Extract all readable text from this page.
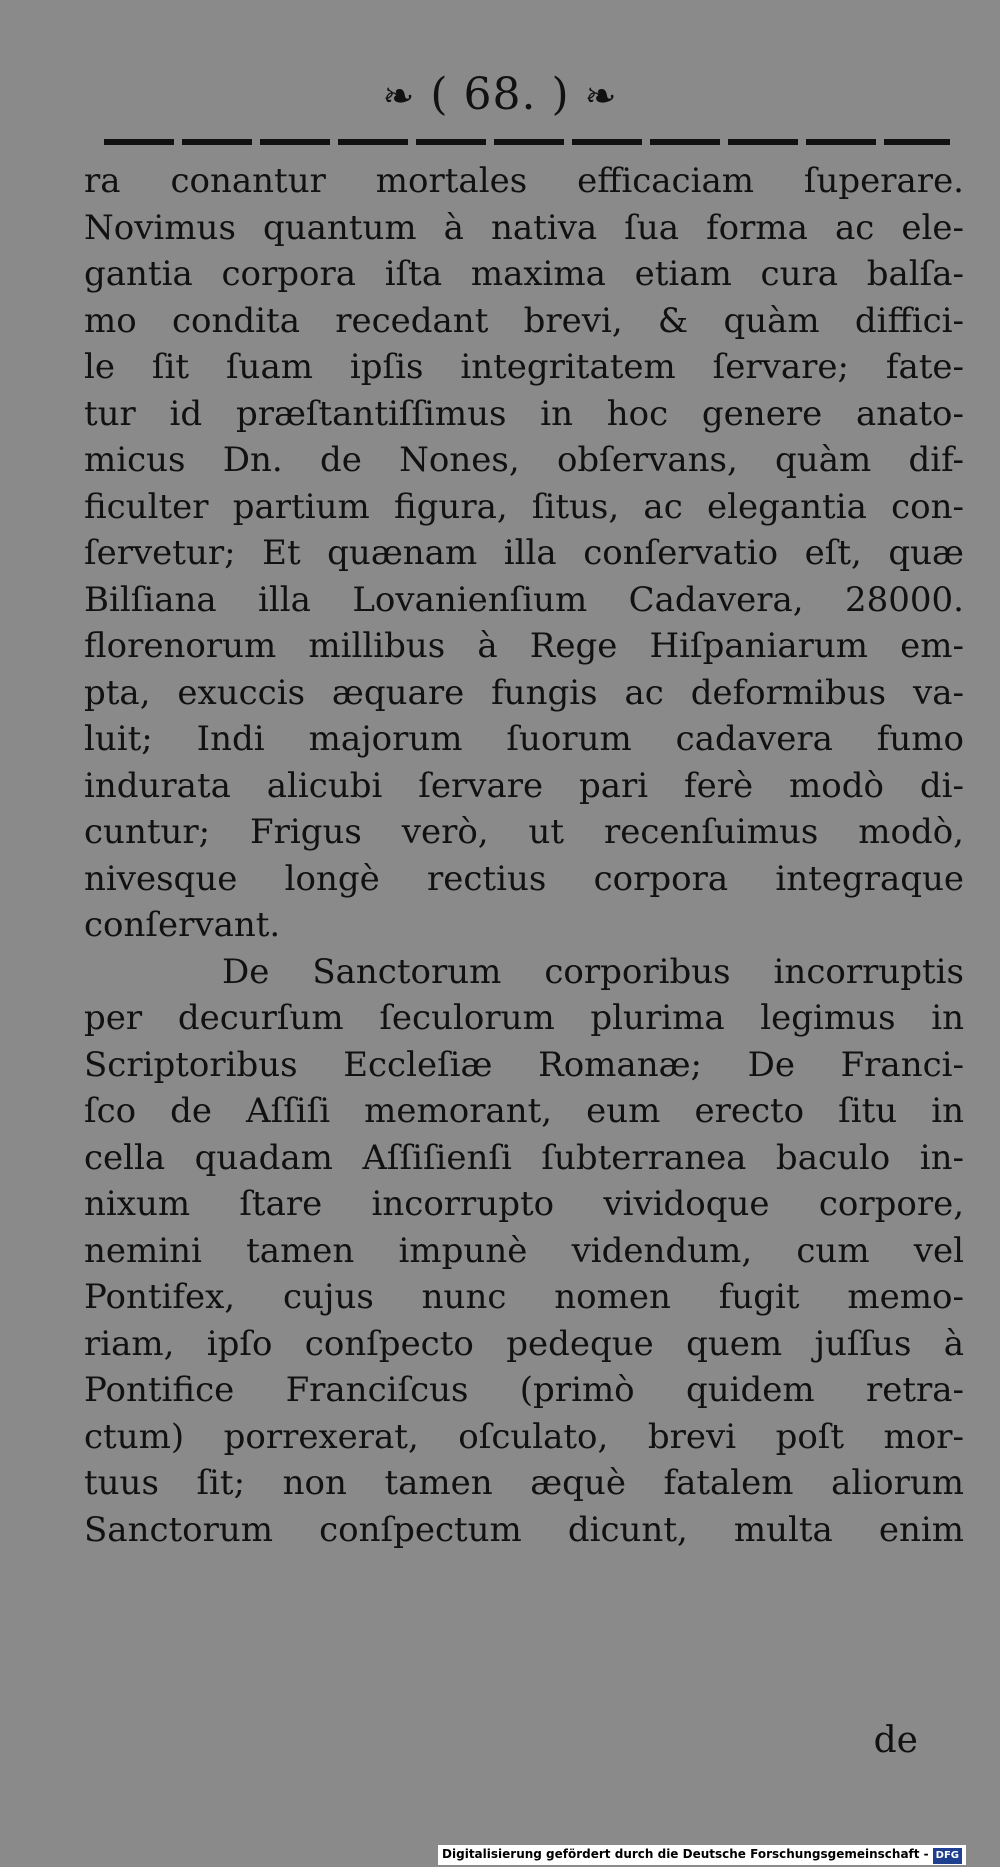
❧ ( 68. ) ❧
ra conantur mortales efficaciam ſuperare.
Novimus quantum à nativa ſua forma ac ele-
gantia corpora iſta maxima etiam cura balſa-
mo condita recedant brevi, & quàm diffici-
le ſit ſuam ipſis integritatem ſervare; fate-
tur id præſtantiſſimus in hoc genere anato-
micus Dn. de Nones, obſervans, quàm dif-
ficulter partium figura, ſitus, ac elegantia con-
ſervetur; Et quænam illa conſervatio eſt, quæ
Bilſiana illa Lovanienſium Cadavera, 28000.
florenorum millibus à Rege Hiſpaniarum em-
pta, exuccis æquare fungis ac deformibus va-
luit; Indi majorum ſuorum cadavera fumo
indurata alicubi ſervare pari ferè modò di-
cuntur; Frigus verò, ut recenſuimus modò,
nivesque longè rectius corpora integraque
conſervant.
De Sanctorum corporibus incorruptis
per decurſum ſeculorum plurima legimus in
Scriptoribus Eccleſiæ Romanæ; De Franci-
ſco de Aſſiſi memorant, eum erecto ſitu in
cella quadam Aſſiſienſi ſubterranea baculo in-
nixum ſtare incorrupto vividoque corpore,
nemini tamen impunè videndum, cum vel
Pontifex, cujus nunc nomen fugit memo-
riam, ipſo conſpecto pedeque quem juſſus à
Pontifice Franciſcus (primò quidem retra-
ctum) porrexerat, oſculato, brevi poſt mor-
tuus ſit; non tamen æquè fatalem aliorum
Sanctorum conſpectum dicunt, multa enim
de
Digitalisierung gefördert durch die Deutsche Forschungsgemeinschaft - DFG
